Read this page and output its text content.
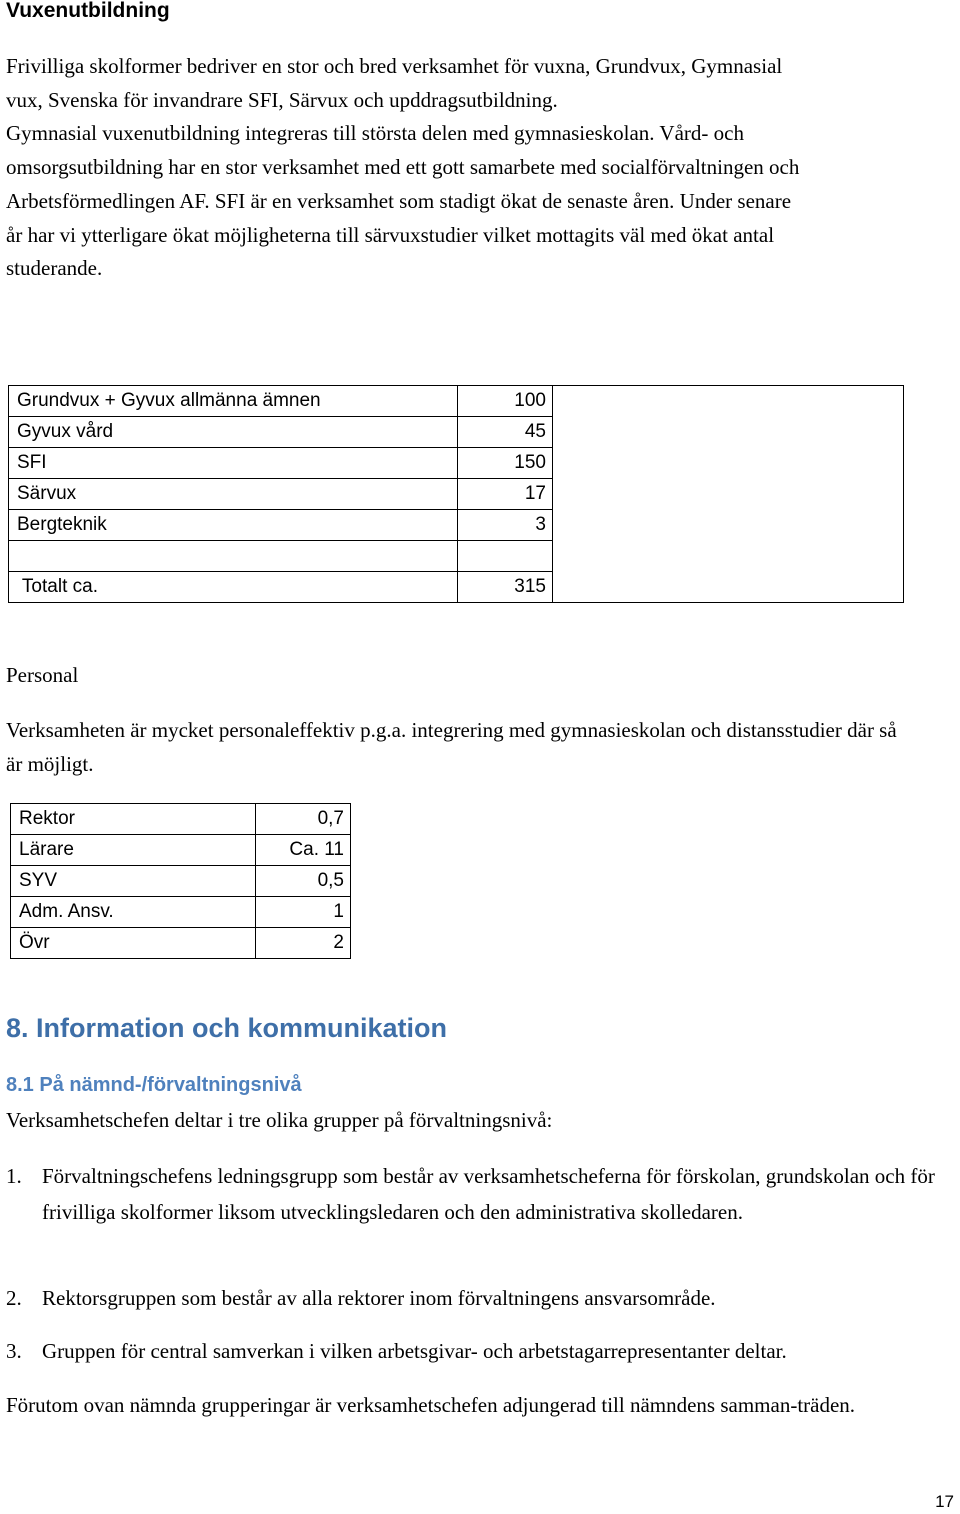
Vuxenutbildning
Frivilliga skolformer bedriver en stor och bred verksamhet för vuxna, Grundvux, Gymnasial
vux, Svenska för invandrare SFI, Särvux och upddragsutbildning.
Gymnasial vuxenutbildning integreras till största delen med gymnasieskolan. Vård- och
omsorgsutbildning har en stor verksamhet med ett gott samarbete med socialförvaltningen och
Arbetsförmedlingen AF. SFI är en verksamhet som stadigt ökat de senaste åren. Under senare
år har vi ytterligare ökat möjligheterna till särvuxstudier vilket mottagits väl med ökat antal
studerande.
Grundvux + Gyvux allmänna ämnen	100	
Gyvux vård	45	
SFI	150	
Särvux	17	
Bergteknik	3	

Totalt ca.	315	
Personal
Verksamheten är mycket personaleffektiv p.g.a. integrering med gymnasieskolan och distansstudier där så är möjligt.
Rektor	0,7
Lärare	Ca. 11
SYV	0,5
Adm. Ansv.	1
Övr	2
8. Information och kommunikation
8.1 På nämnd-/förvaltningsnivå
Verksamhetschefen deltar i tre olika grupper på förvaltningsnivå:
1. Förvaltningschefens ledningsgrupp som består av verksamhetscheferna för förskolan, grundskolan och för frivilliga skolformer liksom utvecklingsledaren och den administrativa skolledaren.
2. Rektorsgruppen som består av alla rektorer inom förvaltningens ansvarsområde.
3. Gruppen för central samverkan i vilken arbetsgivar- och arbetstagarrepresentanter deltar.
Förutom ovan nämnda grupperingar är verksamhetschefen adjungerad till nämndens samman-träden.
17
